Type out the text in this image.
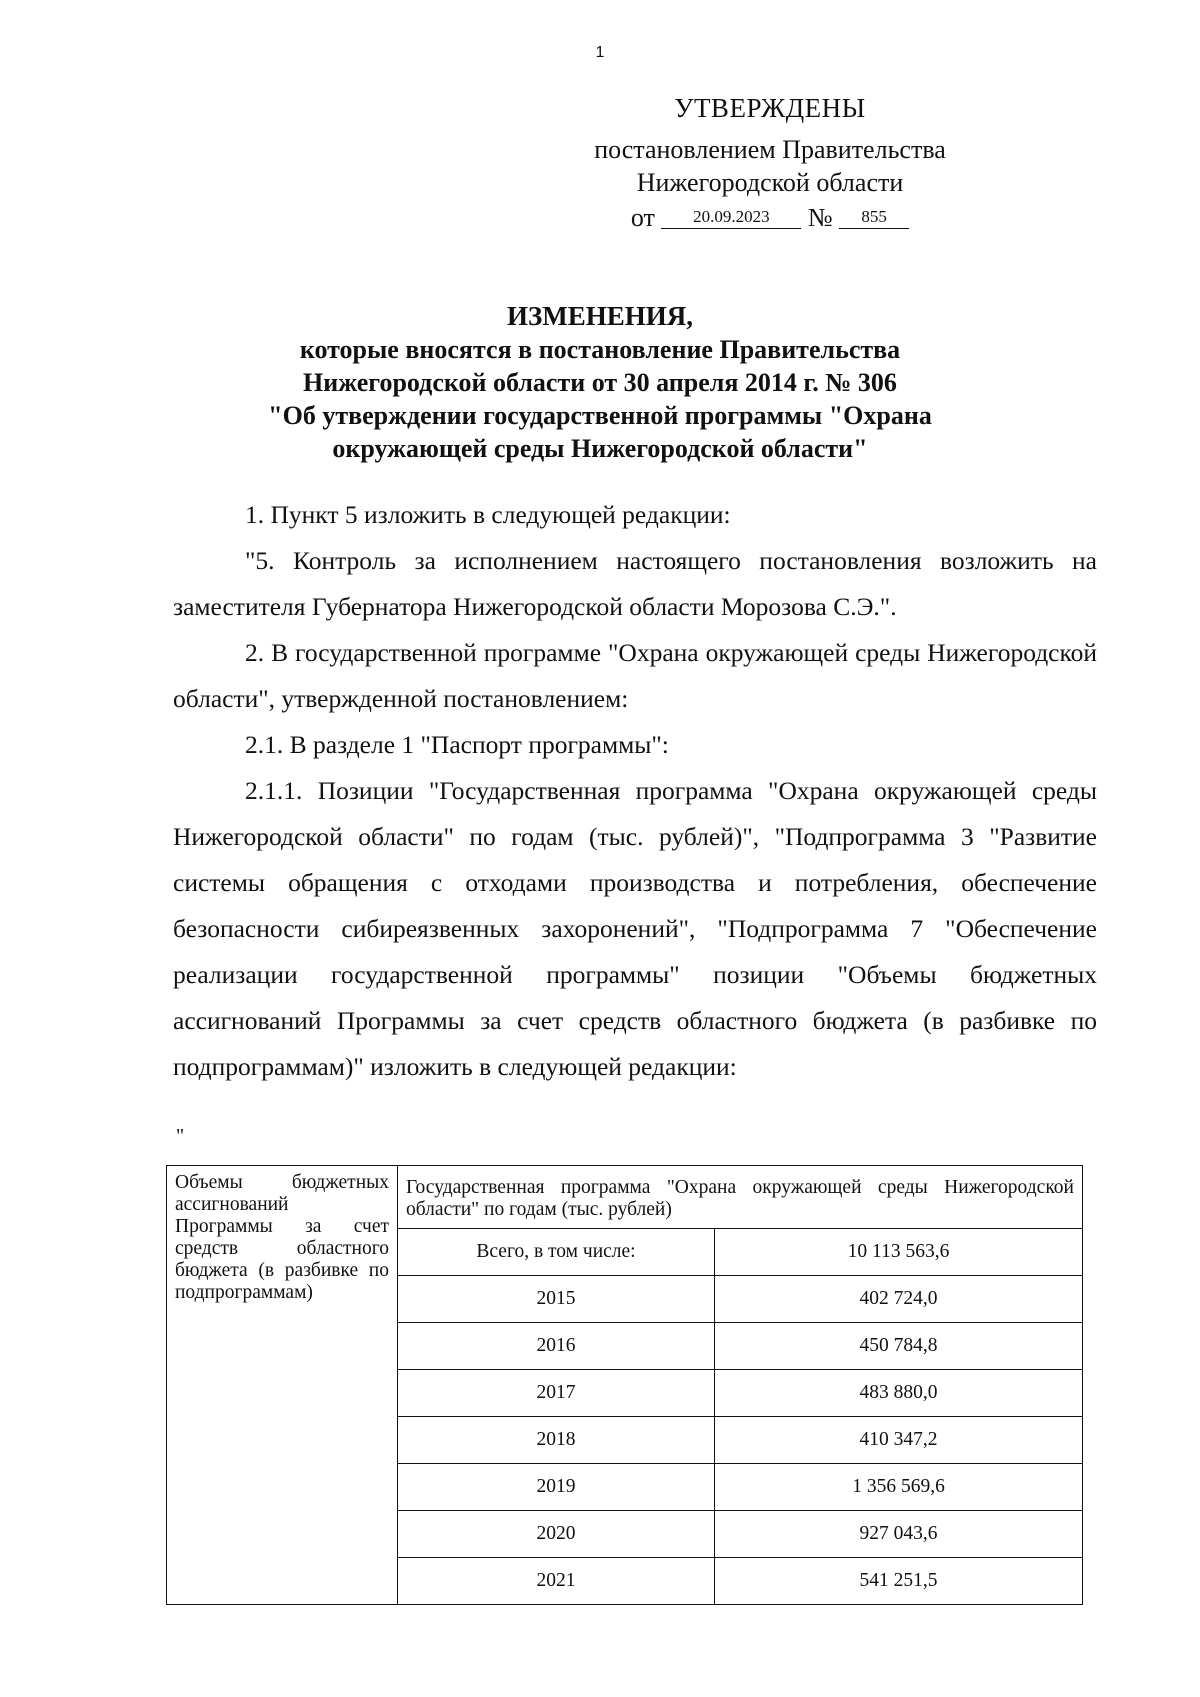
1
УТВЕРЖДЕНЫ
постановлением Правительства
Нижегородской области
от 20.09.2023 № 855
ИЗМЕНЕНИЯ,
которые вносятся в постановление Правительства
Нижегородской области от 30 апреля 2014 г. № 306
"Об утверждении государственной программы "Охрана
окружающей среды Нижегородской области"

1. Пункт 5 изложить в следующей редакции:

"5. Контроль за исполнением настоящего постановления возложить на заместителя Губернатора Нижегородской области Морозова С.Э.".

2. В государственной программе "Охрана окружающей среды Нижегородской области", утвержденной постановлением:

2.1. В разделе 1 "Паспорт программы":

2.1.1. Позиции "Государственная программа "Охрана окружающей среды Нижегородской области" по годам (тыс. рублей)", "Подпрограмма 3 "Развитие системы обращения с отходами производства и потребления, обеспечение безопасности сибиреязвенных захоронений", "Подпрограмма 7 "Обеспечение реализации государственной программы" позиции "Объемы бюджетных ассигнований Программы за счет средств областного бюджета (в разбивке по подпрограммам)" изложить в следующей редакции:

"
Объемы бюджетных ассигнований Программы за счет средств областного бюджета (в разбивке по подпрограммам)	Государственная программа "Охрана окружающей среды Нижегородской области" по годам (тыс. рублей)	
	Всего, в том числе:	10 113 563,6
	2015	402 724,0
	2016	450 784,8
	2017	483 880,0
	2018	410 347,2
	2019	1 356 569,6
	2020	927 043,6
	2021	541 251,5
